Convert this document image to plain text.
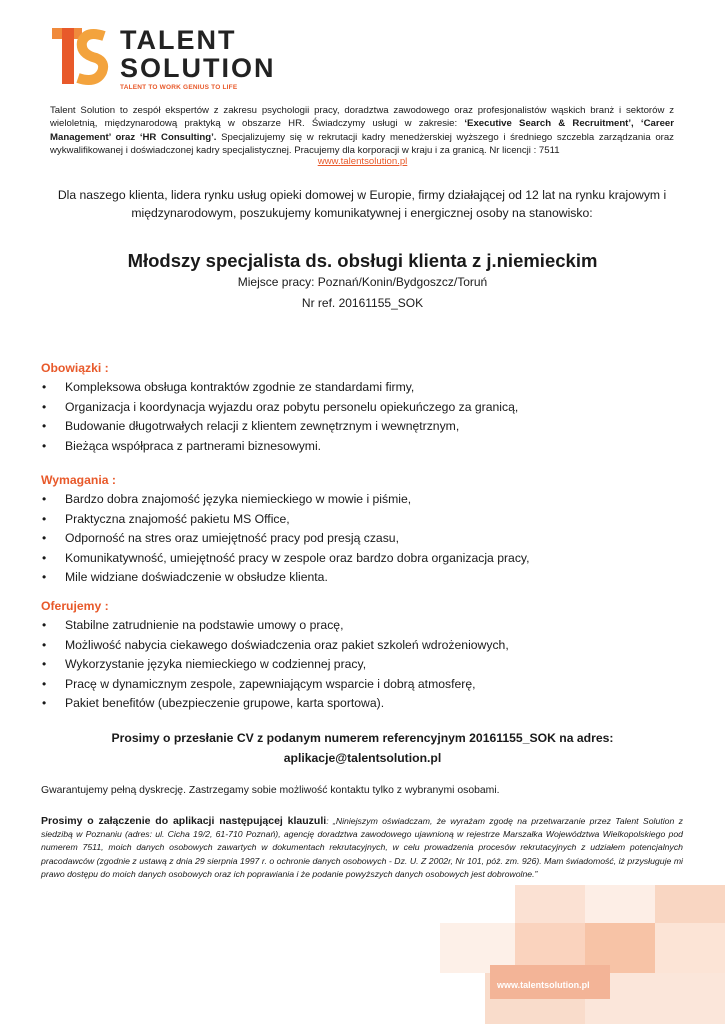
TALENT
SOLUTION
TALENT TO WORK GENIUS TO LIFE
Talent Solution to zespół ekspertów z zakresu psychologii pracy, doradztwa zawodowego oraz profesjonalistów wąskich branż i sektorów z wieloletnią, międzynarodową praktyką w obszarze HR. Świadczymy usługi w zakresie: ‘Executive Search & Recruitment’, ‘Career Management’ oraz ‘HR Consulting’. Specjalizujemy się w rekrutacji kadry menedżerskiej wyższego i średniego szczebla zarządzania oraz wykwalifikowanej i doświadczonej kadry specjalistycznej. Pracujemy dla korporacji w kraju i za granicą. Nr licencji : 7511
www.talentsolution.pl
Dla naszego klienta, lidera rynku usług opieki domowej w Europie, firmy działającej od 12 lat na rynku krajowym i międzynarodowym, poszukujemy komunikatywnej i energicznej osoby na stanowisko:
Młodszy specjalista ds. obsługi klienta z j.niemieckim
Miejsce pracy: Poznań/Konin/Bydgoszcz/Toruń
Nr ref. 20161155_SOK
Obowiązki :
• Kompleksowa obsługa kontraktów zgodnie ze standardami firmy,
• Organizacja i koordynacja wyjazdu oraz pobytu personelu opiekuńczego za granicą,
• Budowanie długotrwałych relacji z klientem zewnętrznym i wewnętrznym,
• Bieżąca współpraca z partnerami biznesowymi.
Wymagania :
• Bardzo dobra znajomość języka niemieckiego w mowie i piśmie,
• Praktyczna znajomość pakietu MS Office,
• Odporność na stres oraz umiejętność pracy pod presją czasu,
• Komunikatywność, umiejętność pracy w zespole oraz bardzo dobra organizacja pracy,
• Mile widziane doświadczenie w obsłudze klienta.
Oferujemy :
• Stabilne zatrudnienie na podstawie umowy o pracę,
• Możliwość nabycia ciekawego doświadczenia oraz pakiet szkoleń wdrożeniowych,
• Wykorzystanie języka niemieckiego w codziennej pracy,
• Pracę w dynamicznym zespole, zapewniającym wsparcie i dobrą atmosferę,
• Pakiet benefitów (ubezpieczenie grupowe, karta sportowa).
Prosimy o przesłanie CV z podanym numerem referencyjnym 20161155_SOK na adres:
aplikacje@talentsolution.pl
Gwarantujemy pełną dyskrecję. Zastrzegamy sobie możliwość kontaktu tylko z wybranymi osobami.
Prosimy o załączenie do aplikacji następującej klauzuli: „Niniejszym oświadczam, że wyrażam zgodę na przetwarzanie przez Talent Solution z siedzibą w Poznaniu (adres: ul. Cicha 19/2, 61-710 Poznań), agencję doradztwa zawodowego ujawnioną w rejestrze Marszałka Województwa Wielkopolskiego pod numerem 7511, moich danych osobowych zawartych w dokumentach rekrutacyjnych, w celu prowadzenia procesów rekrutacyjnych z udziałem potencjalnych pracodawców (zgodnie z ustawą z dnia 29 sierpnia 1997 r. o ochronie danych osobowych - Dz. U. Z 2002r, Nr 101, póż. zm. 926). Mam świadomość, iż przysługuje mi prawo dostępu do moich danych osobowych oraz ich poprawiania i że podanie powyższych danych osobowych jest dobrowolne.”
www.talentsolution.pl
